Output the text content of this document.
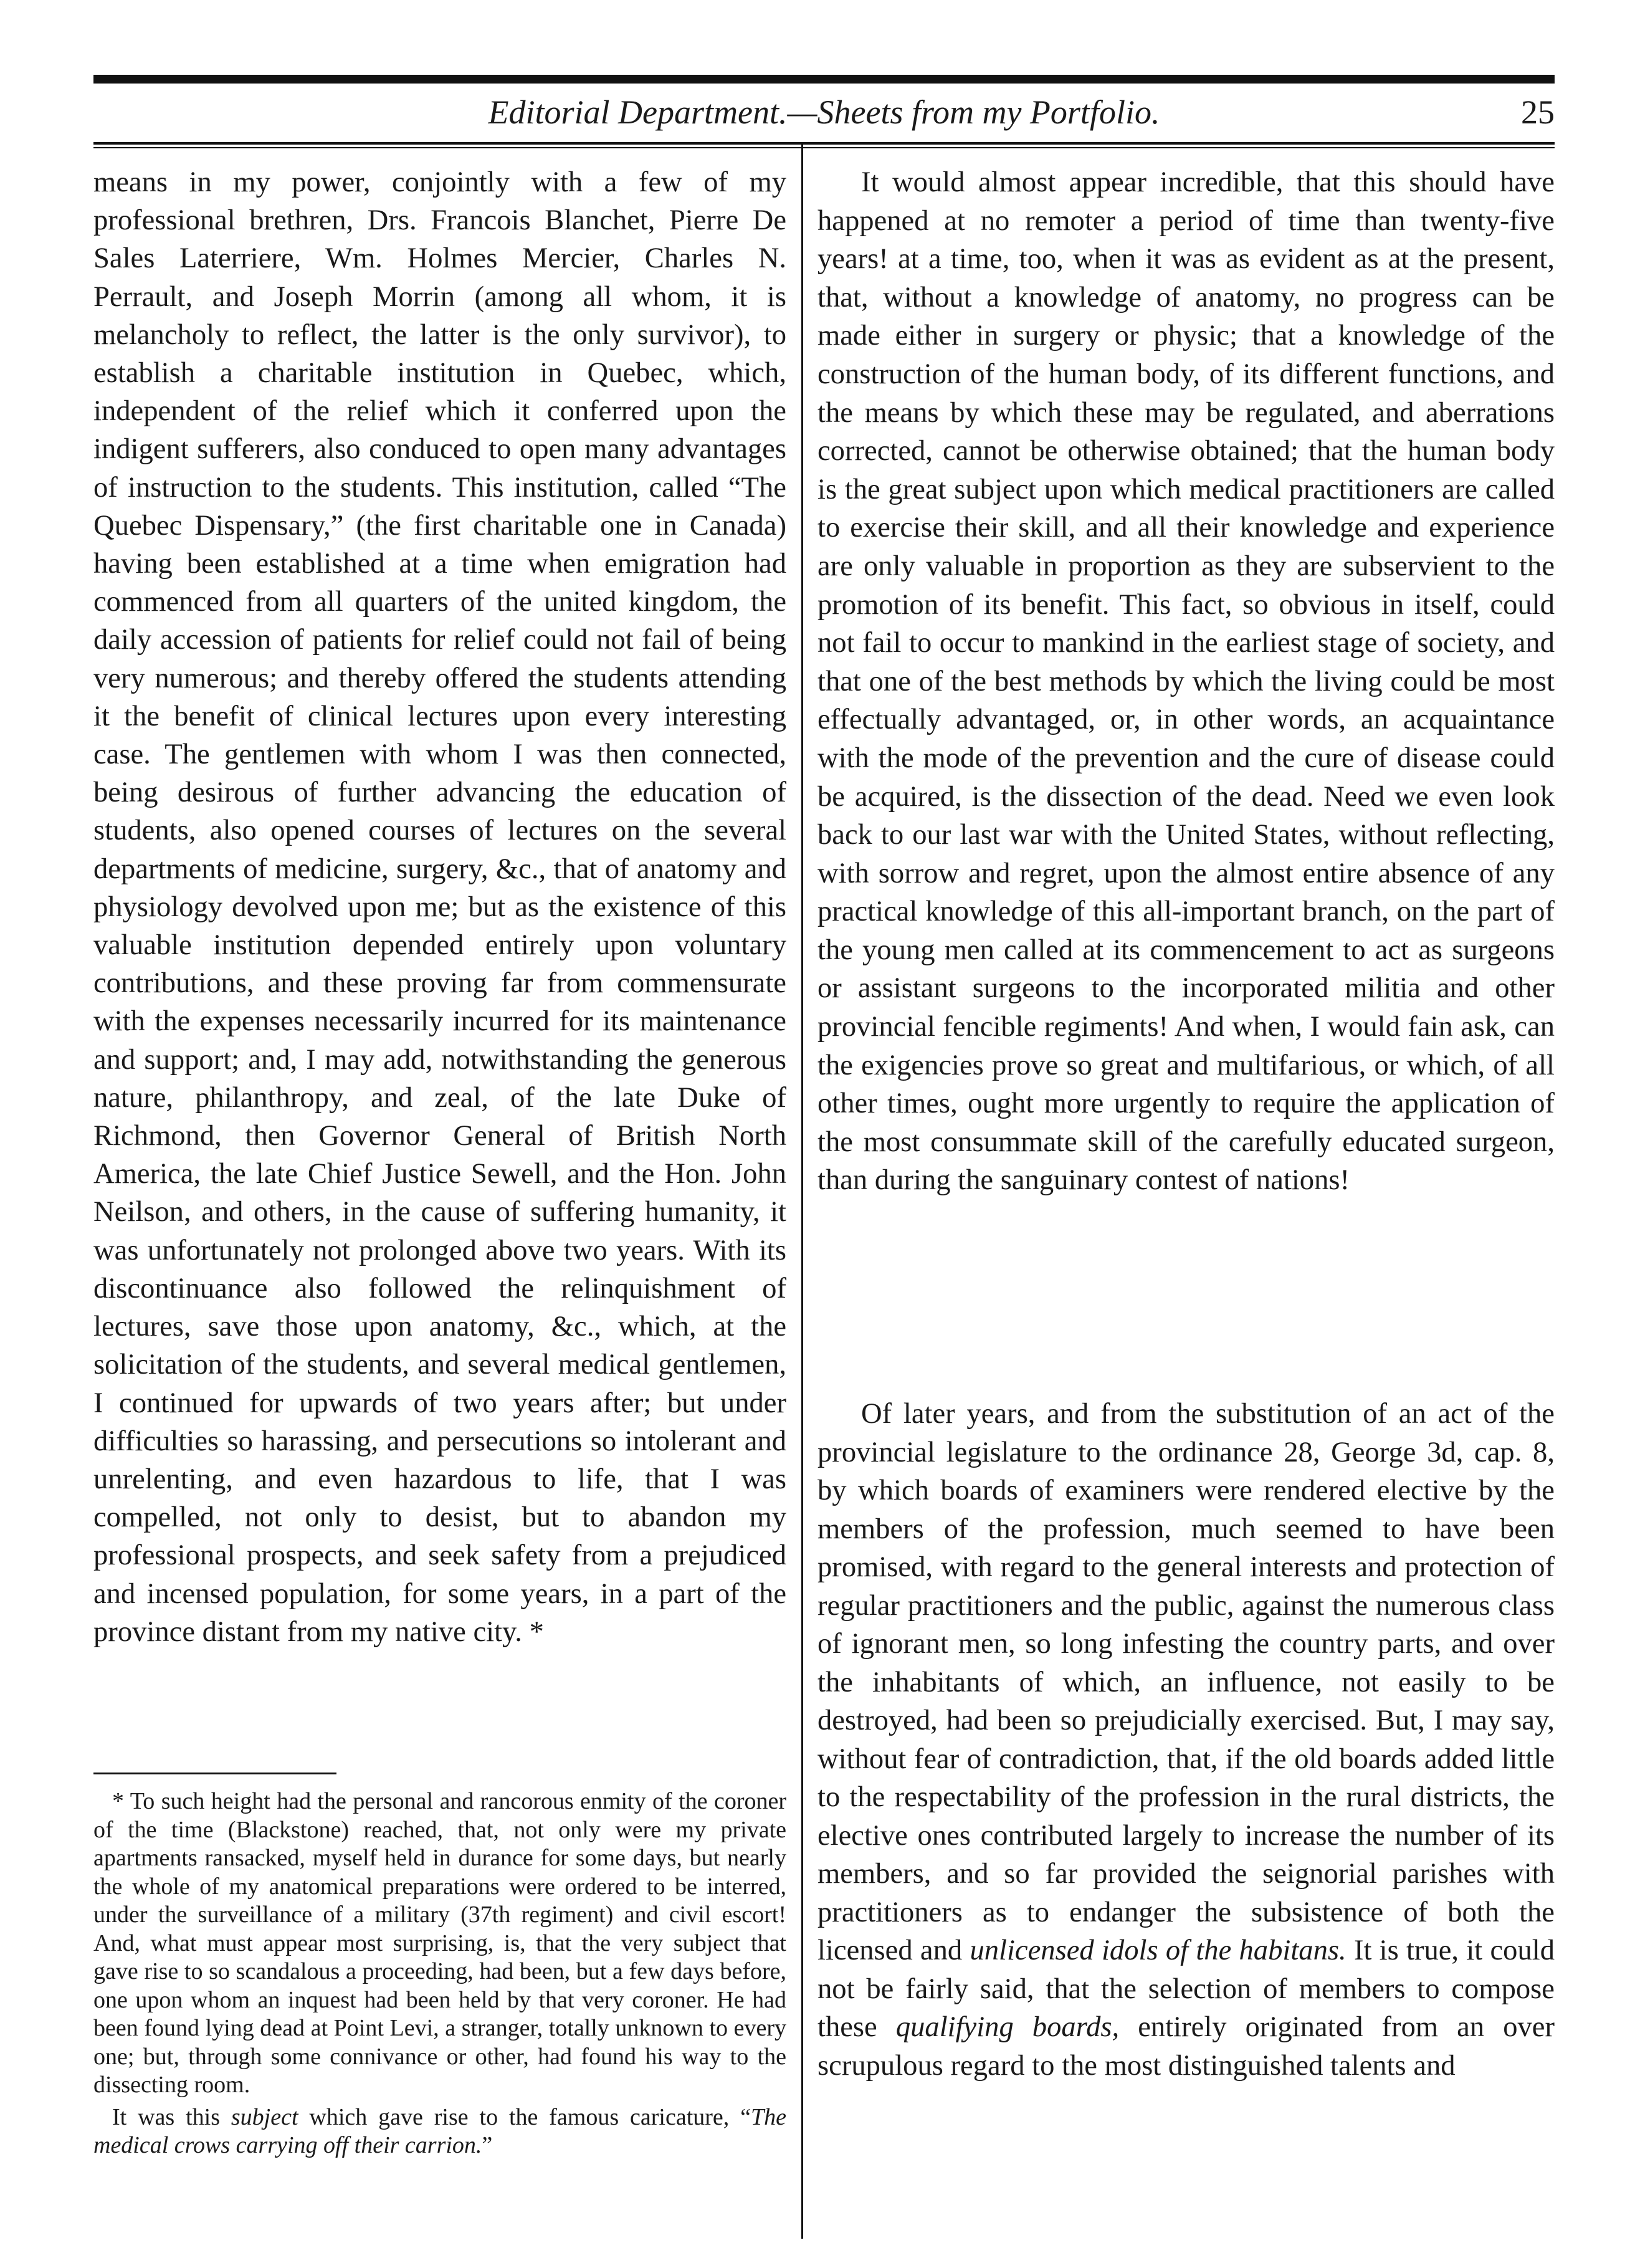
Editorial Department.—Sheets from my Portfolio.	25

means in my power, conjointly with a few of my professional brethren, Drs. Francois Blanchet, Pierre De Sales Laterriere, Wm. Holmes Mercier, Charles N. Perrault, and Joseph Morrin (among all whom, it is melancholy to reflect, the latter is the only survivor), to establish a charitable institution in Quebec, which, independent of the relief which it conferred upon the indigent sufferers, also conduced to open many advantages of instruction to the students. This institution, called “The Quebec Dispensary,” (the first charitable one in Canada) having been established at a time when emigration had commenced from all quarters of the united kingdom, the daily accession of patients for relief could not fail of being very numerous; and thereby offered the students attending it the benefit of clinical lectures upon every interesting case. The gentlemen with whom I was then connected, being desirous of further advancing the education of students, also opened courses of lectures on the several departments of medicine, surgery, &c., that of anatomy and physiology devolved upon me; but as the existence of this valuable institution depended entirely upon voluntary contributions, and these proving far from commensurate with the expenses necessarily incurred for its maintenance and support; and, I may add, notwithstanding the generous nature, philanthropy, and zeal, of the late Duke of Richmond, then Governor General of British North America, the late Chief Justice Sewell, and the Hon. John Neilson, and others, in the cause of suffering humanity, it was unfortunately not prolonged above two years. With its discontinuance also followed the relinquishment of lectures, save those upon anatomy, &c., which, at the solicitation of the students, and several medical gentlemen, I continued for upwards of two years after; but under difficulties so harassing, and persecutions so intolerant and unrelenting, and even hazardous to life, that I was compelled, not only to desist, but to abandon my professional prospects, and seek safety from a prejudiced and incensed population, for some years, in a part of the province distant from my native city. *

* To such height had the personal and rancorous enmity of the coroner of the time (Blackstone) reached, that, not only were my private apartments ransacked, myself held in durance for some days, but nearly the whole of my anatomical preparations were ordered to be interred, under the surveillance of a military (37th regiment) and civil escort! And, what must appear most surprising, is, that the very subject that gave rise to so scandalous a proceeding, had been, but a few days before, one upon whom an inquest had been held by that very coroner. He had been found lying dead at Point Levi, a stranger, totally unknown to every one; but, through some connivance or other, had found his way to the dissecting room.

It was this subject which gave rise to the famous caricature, “The medical crows carrying off their carrion.”

It would almost appear incredible, that this should have happened at no remoter a period of time than twenty-five years! at a time, too, when it was as evident as at the present, that, without a knowledge of anatomy, no progress can be made either in surgery or physic; that a knowledge of the construction of the human body, of its different functions, and the means by which these may be regulated, and aberrations corrected, cannot be otherwise obtained; that the human body is the great subject upon which medical practitioners are called to exercise their skill, and all their knowledge and experience are only valuable in proportion as they are subservient to the promotion of its benefit. This fact, so obvious in itself, could not fail to occur to mankind in the earliest stage of society, and that one of the best methods by which the living could be most effectually advantaged, or, in other words, an acquaintance with the mode of the prevention and the cure of disease could be acquired, is the dissection of the dead. Need we even look back to our last war with the United States, without reflecting, with sorrow and regret, upon the almost entire absence of any practical knowledge of this all-important branch, on the part of the young men called at its commencement to act as surgeons or assistant surgeons to the incorporated militia and other provincial fencible regiments! And when, I would fain ask, can the exigencies prove so great and multifarious, or which, of all other times, ought more urgently to require the application of the most consummate skill of the carefully educated surgeon, than during the sanguinary contest of nations!

Of later years, and from the substitution of an act of the provincial legislature to the ordinance 28, George 3d, cap. 8, by which boards of examiners were rendered elective by the members of the profession, much seemed to have been promised, with regard to the general interests and protection of regular practitioners and the public, against the numerous class of ignorant men, so long infesting the country parts, and over the inhabitants of which, an influence, not easily to be destroyed, had been so prejudicially exercised. But, I may say, without fear of contradiction, that, if the old boards added little to the respectability of the profession in the rural districts, the elective ones contributed largely to increase the number of its members, and so far provided the seignorial parishes with practitioners as to endanger the subsistence of both the licensed and unlicensed idols of the habitans. It is true, it could not be fairly said, that the selection of members to compose these qualifying boards, entirely originated from an over scrupulous regard to the most distinguished talents and
